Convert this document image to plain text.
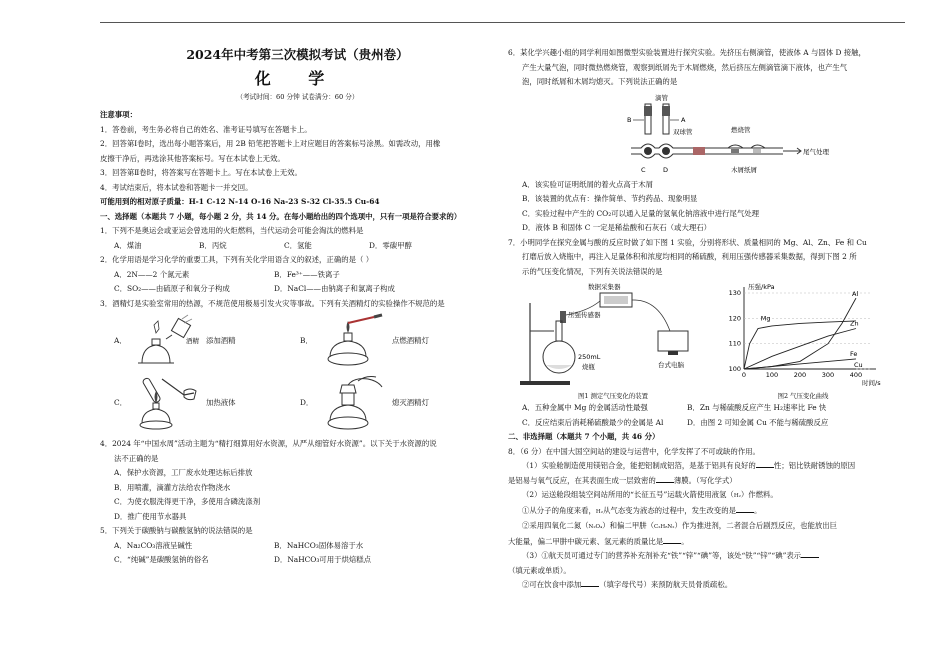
2024年中考第三次模拟考试（贵州卷）
化 学
（考试时间：60 分钟 试卷满分：60 分）
注意事项：
1．答卷前，考生务必将自己的姓名、准考证号填写在答题卡上。
2．回答第Ⅰ卷时，选出每小题答案后，用 2B 铅笔把答题卡上对应题目的答案标号涂黑。如需改动，用橡
皮擦干净后，再选涂其他答案标号。写在本试卷上无效。
3．回答第Ⅱ卷时，将答案写在答题卡上。写在本试卷上无效。
4．考试结束后，将本试卷和答题卡一并交回。
可能用到的相对原子质量：H-1 C-12 N-14 O-16 Na-23 S-32 Cl-35.5 Cu-64
一、选择题（本题共 7 小题，每小题 2 分，共 14 分。在每小题给出的四个选项中，只有一项是符合要求的）
1．下列不是奥运会或亚运会曾选用的火炬燃料，当代运动会可能会淘汰的燃料是
A．煤油	B．丙烷	C．氢能	D．零碳甲醇
2．化学用语是学习化学的重要工具，下列有关化学用语含义的叙述，正确的是（ ）
A．2N——2 个氮元素	B．Fe³⁺——铁离子
C．SO₂——由硫原子和氧分子构成	D．NaCl——由钠离子和氯离子构成
3．酒精灯是实验室常用的热源，不规范使用极易引发火灾等事故。下列有关酒精灯的实验操作不规范的是
A．	酒精 添加酒精	B．	点燃酒精灯
C．	加热液体	D．	熄灭酒精灯
4．2024 年“中国水周”活动主题为“精打细算用好水资源，从严从细管好水资源”。以下关于水资源的说
法不正确的是
A．保护水资源，工厂废水处理达标后排放
B．用喷灌，滴灌方法给农作物浇水
C．为使衣服洗得更干净，多使用含磷洗涤剂
D．推广使用节水器具
5．下列关于碳酸钠与碳酸氢钠的说法错误的是
A．Na₂CO₃溶液呈碱性	B．NaHCO₃固体易溶于水
C．“纯碱”是碳酸氢钠的俗名	D．NaHCO₃可用于烘焙糕点
6．某化学兴趣小组的同学利用如图微型实验装置进行探究实验。先挤压右侧滴管，使液体 A 与固体 D 接触，
产生大量气泡，同时微热燃烧管，观察到纸屑先于木屑燃烧，然后挤压左侧滴管滴下液体，也产生气
泡，同时纸屑和木屑均熄灭。下列说法正确的是
滴管
B	A
双球管
C	D
燃烧管
木屑纸屑
尾气处理
A．该实验可证明纸屑的着火点高于木屑
B．该装置的优点有：操作简单、节约药品、现象明显
C．实验过程中产生的 CO₂可以通入足量的氢氧化钠溶液中进行尾气处理
D．液体 B 和固体 C 一定是稀盐酸和石灰石（或大理石）
7．小明同学在探究金属与酸的反应时做了如下图 1 实验，分别将形状、质量相同的 Mg、Al、Zn、Fe 和 Cu
打磨后放入烧瓶中，再注入足量体积和浓度均相同的稀硫酸，利用压强传感器采集数据，得到下图 2 所
示的气压变化情况，下列有关说法错误的是
数据采集器
压强传感器
台式电脑
250mL
烧瓶
图1 测定气压变化的装置
100
110
120
130
0	100 200 300 400
压强/kPa
时间/s
Al
Mg
Zn
Fe
Cu
图2 气压变化曲线
A．五种金属中 Mg 的金属活动性最强	B．Zn 与稀硫酸反应产生 H₂速率比 Fe 快
C．反应结束后消耗稀硫酸最少的金属是 Al	D．由图 2 可知金属 Cu 不能与稀硫酸反应
二、非选择题（本题共 7 个小题，共 46 分）
8．（6 分）在中国大国空间站的建设与运营中，化学发挥了不可或缺的作用。
（1）实验舱制造使用镁铝合金，能把铝制成铝箔，是基于铝具有良好的 性；铝比铁耐锈蚀的原因
是铝易与氧气反应，在其表面生成一层致密的 薄膜。（写化学式）
（2）运送舱段组装空间站所用的“长征五号”运载火箭使用液氢（H₂）作燃料。
①从分子的角度来看，H₂从气态变为液态的过程中，发生改变的是 。
②采用四氧化二氮（N₂O₄）和偏二甲肼（C₂H₈N₂）作为推进剂，二者混合后剧烈反应，也能放出巨
大能量，偏二甲肼中碳元素、氢元素的质量比是 。
（3）①航天员可通过专门的营养补充剂补充“铁”“锌”“碘”等，该处“铁”“锌”“碘”表示
（填元素或单质）。
②可在饮食中添加 （填字母代号）来预防航天员骨质疏松。
